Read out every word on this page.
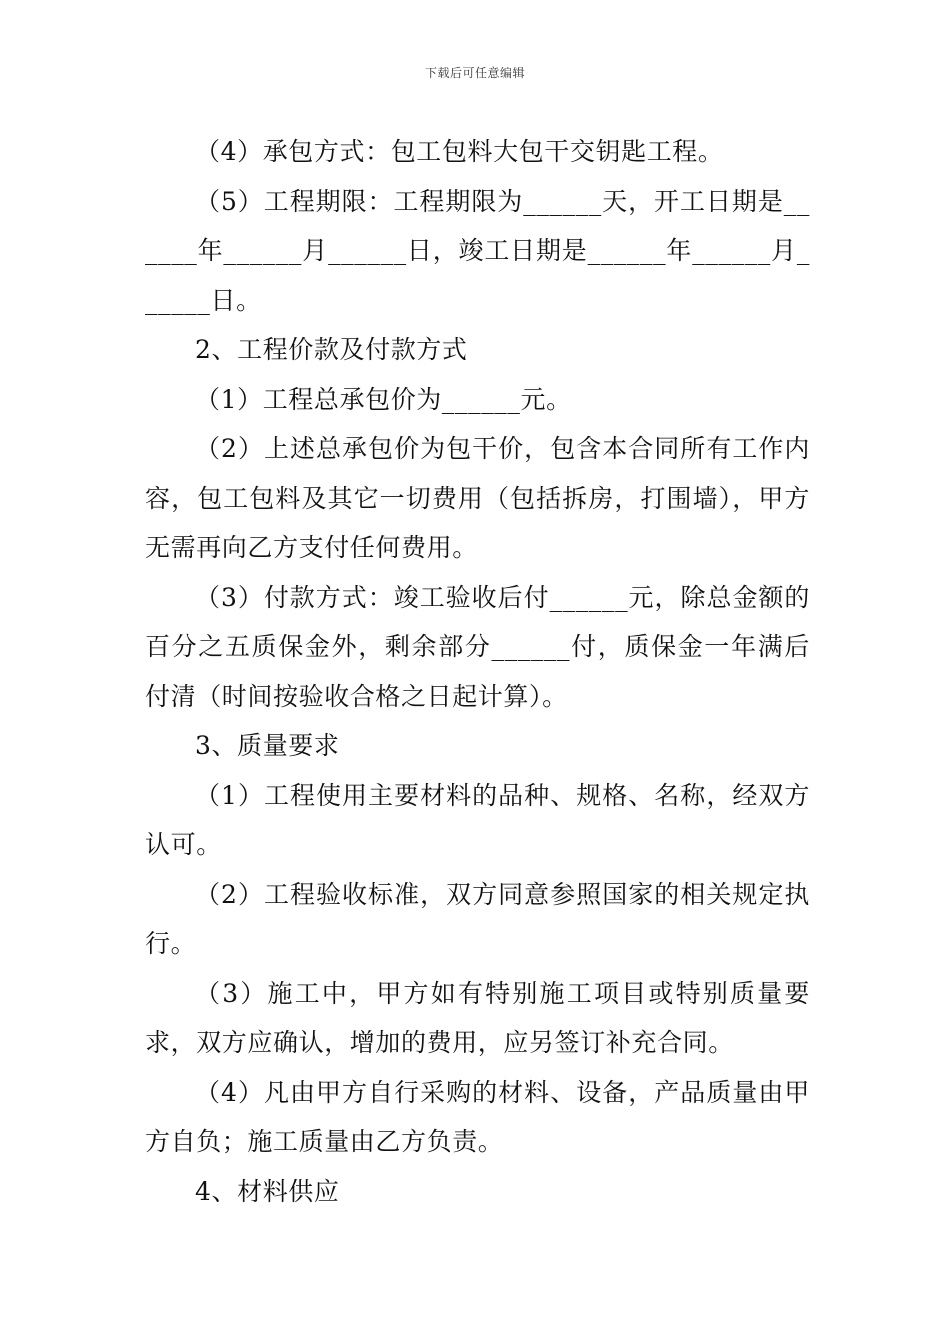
下载后可任意编辑

（4）承包方式：包工包料大包干交钥匙工程。

（5）工程期限：工程期限为______天，开工日期是______年______月______日，竣工日期是______年______月______日。

2、工程价款及付款方式

（1）工程总承包价为______元。

（2）上述总承包价为包干价，包含本合同所有工作内容，包工包料及其它一切费用（包括拆房，打围墙），甲方无需再向乙方支付任何费用。

（3）付款方式：竣工验收后付______元，除总金额的百分之五质保金外，剩余部分______付，质保金一年满后付清（时间按验收合格之日起计算）。

3、质量要求

（1）工程使用主要材料的品种、规格、名称，经双方认可。

（2）工程验收标准，双方同意参照国家的相关规定执行。

（3）施工中，甲方如有特别施工项目或特别质量要求，双方应确认，增加的费用，应另签订补充合同。

（4）凡由甲方自行采购的材料、设备，产品质量由甲方自负；施工质量由乙方负责。

4、材料供应
